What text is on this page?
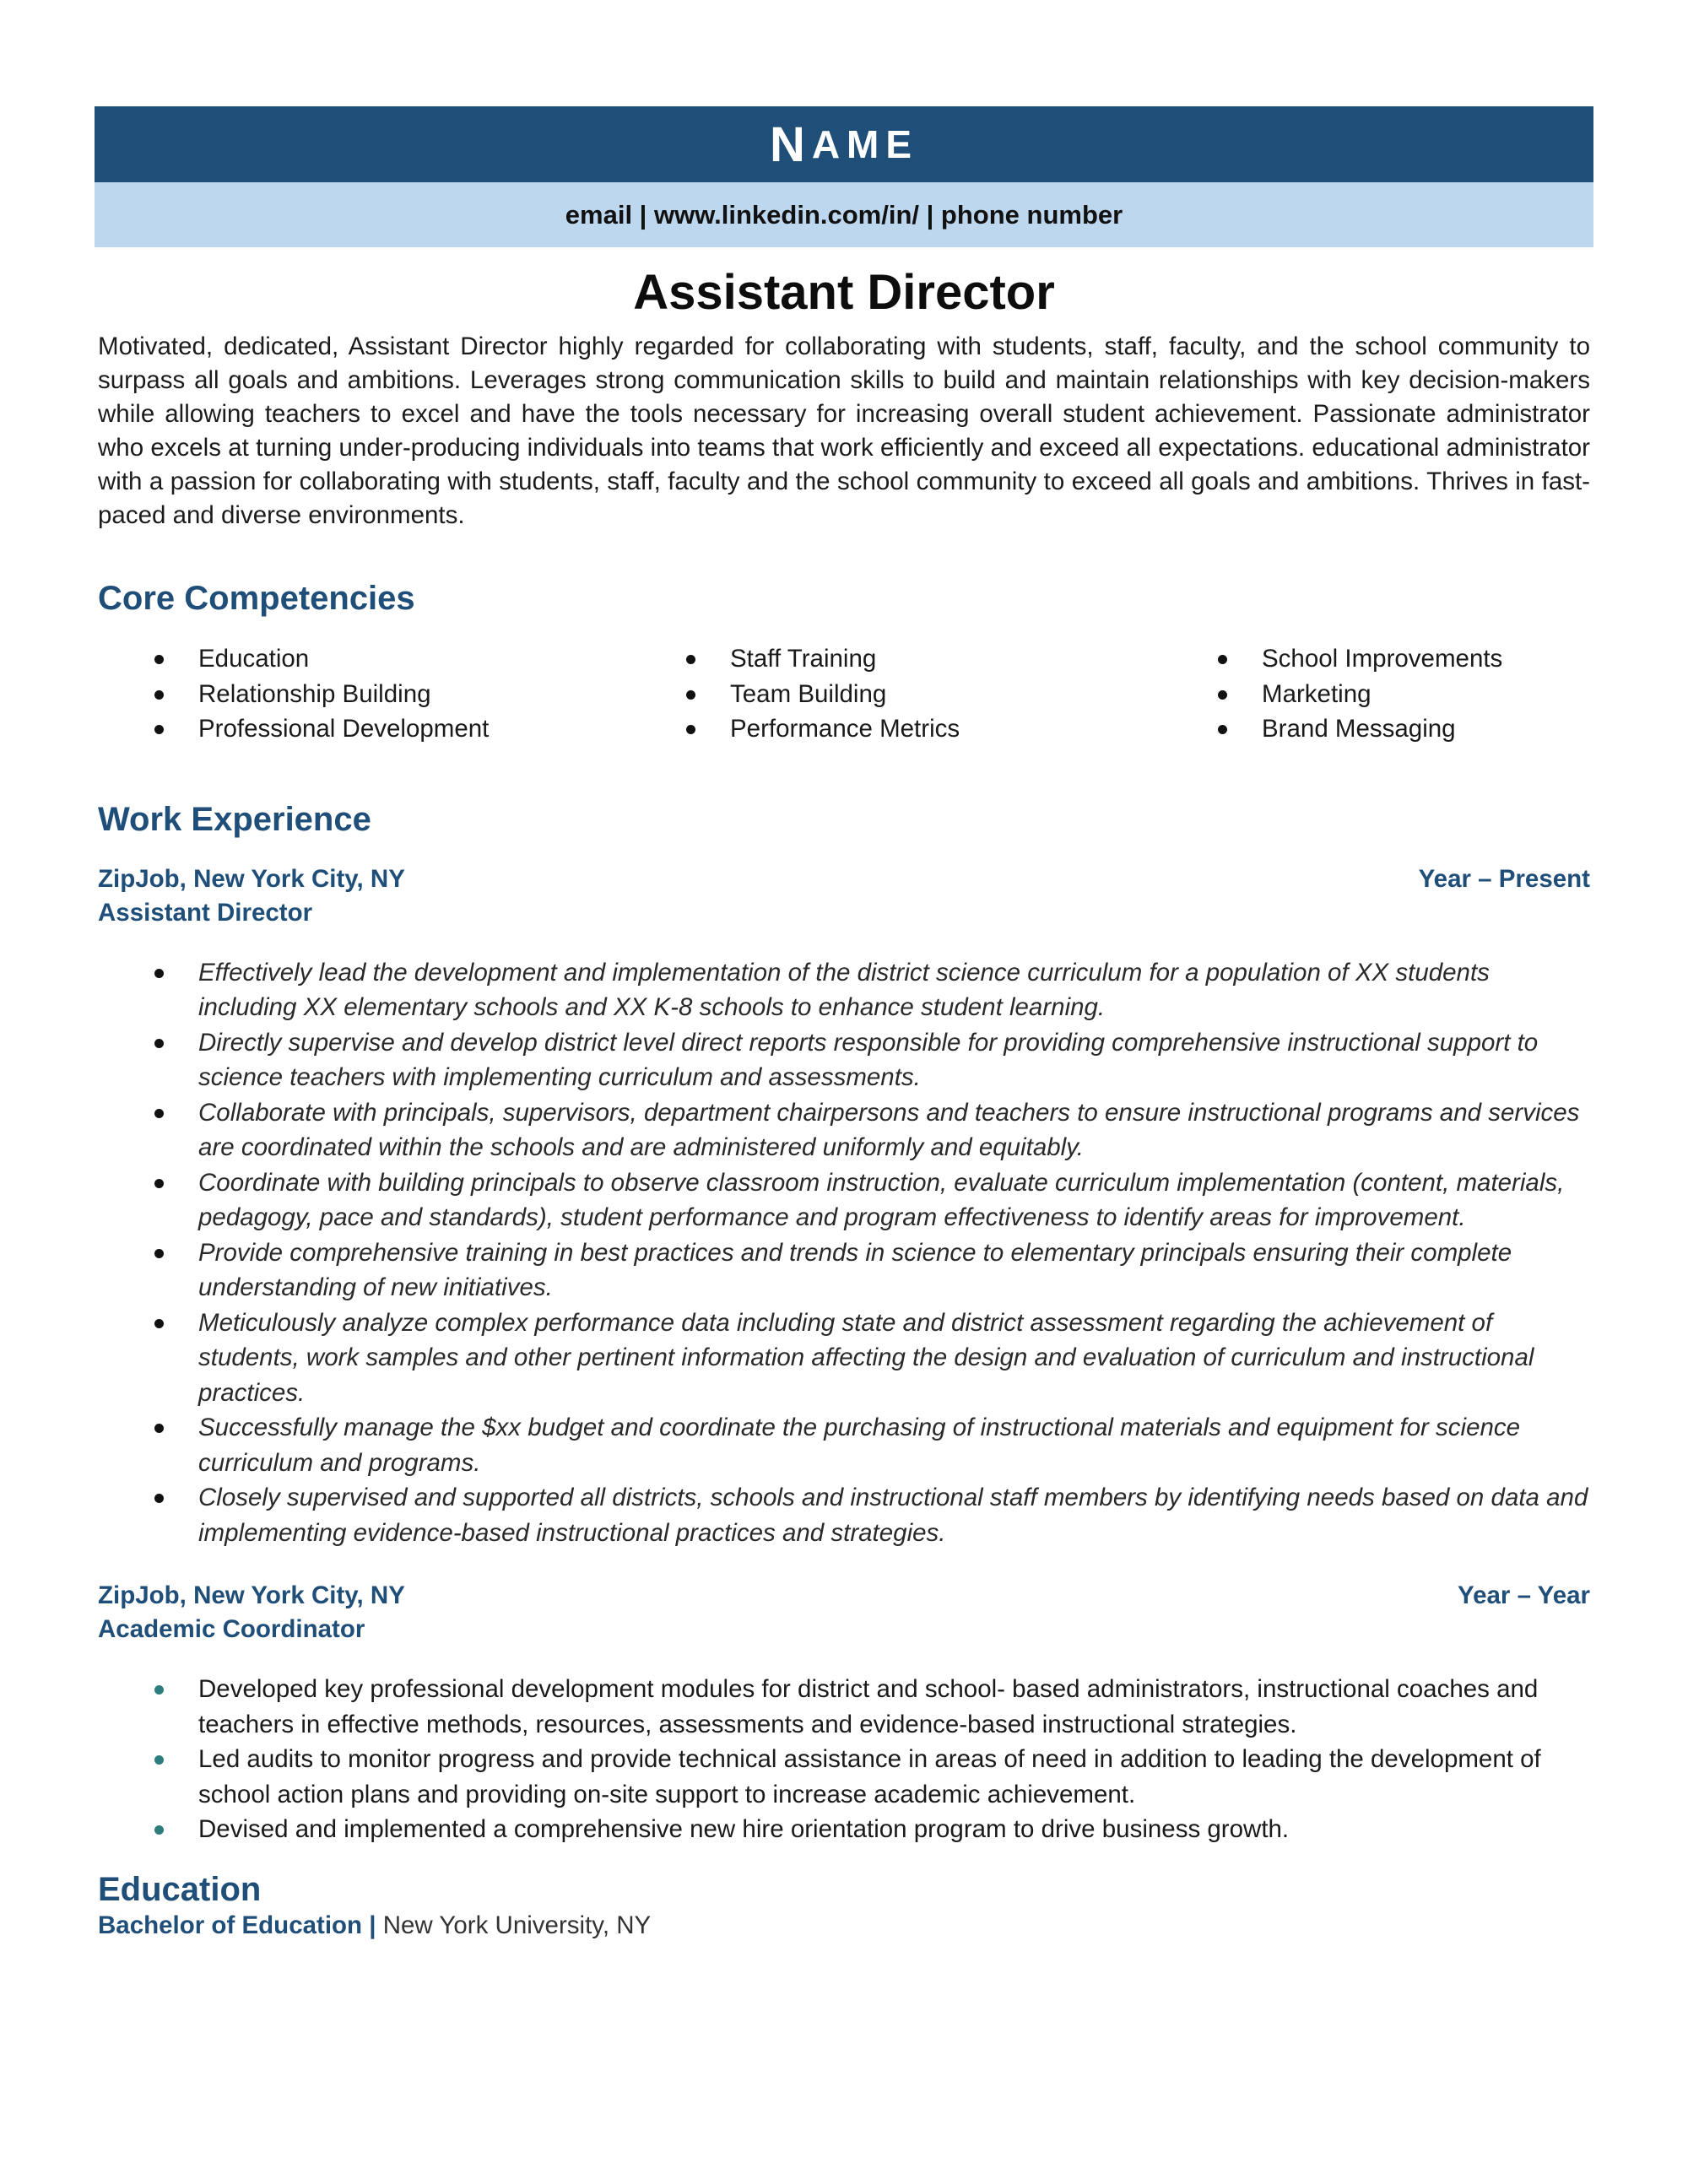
N AME
email | www.linkedin.com/in/ | phone number
Assistant Director
Motivated, dedicated, Assistant Director highly regarded for collaborating with students, staff, faculty, and the school community to surpass all goals and ambitions. Leverages strong communication skills to build and maintain relationships with key decision-makers while allowing teachers to excel and have the tools necessary for increasing overall student achievement. Passionate administrator who excels at turning under-producing individuals into teams that work efficiently and exceed all expectations. educational administrator with a passion for collaborating with students, staff, faculty and the school community to exceed all goals and ambitions. Thrives in fast-paced and diverse environments.
Core Competencies
Education
Relationship Building
Professional Development
Staff Training
Team Building
Performance Metrics
School Improvements
Marketing
Brand Messaging
Work Experience
ZipJob, New York City, NY	Year – Present
Assistant Director
Effectively lead the development and implementation of the district science curriculum for a population of XX students including XX elementary schools and XX K-8 schools to enhance student learning.
Directly supervise and develop district level direct reports responsible for providing comprehensive instructional support to science teachers with implementing curriculum and assessments.
Collaborate with principals, supervisors, department chairpersons and teachers to ensure instructional programs and services are coordinated within the schools and are administered uniformly and equitably.
Coordinate with building principals to observe classroom instruction, evaluate curriculum implementation (content, materials, pedagogy, pace and standards), student performance and program effectiveness to identify areas for improvement.
Provide comprehensive training in best practices and trends in science to elementary principals ensuring their complete understanding of new initiatives.
Meticulously analyze complex performance data including state and district assessment regarding the achievement of students, work samples and other pertinent information affecting the design and evaluation of curriculum and instructional practices.
Successfully manage the $xx budget and coordinate the purchasing of instructional materials and equipment for science curriculum and programs.
Closely supervised and supported all districts, schools and instructional staff members by identifying needs based on data and implementing evidence-based instructional practices and strategies.
ZipJob, New York City, NY	Year – Year
Academic Coordinator
Developed key professional development modules for district and school- based administrators, instructional coaches and teachers in effective methods, resources, assessments and evidence-based instructional strategies.
Led audits to monitor progress and provide technical assistance in areas of need in addition to leading the development of school action plans and providing on-site support to increase academic achievement.
Devised and implemented a comprehensive new hire orientation program to drive business growth.
Education
Bachelor of Education | New York University, NY
